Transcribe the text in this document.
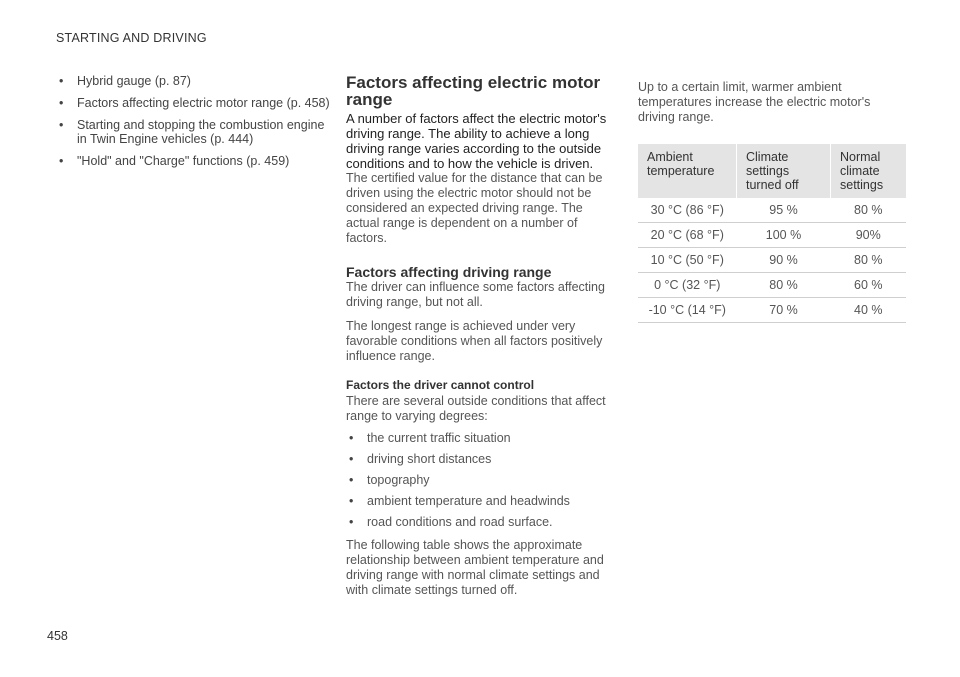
STARTING AND DRIVING
• Hybrid gauge (p. 87)
• Factors affecting electric motor range (p. 458)
• Starting and stopping the combustion engine in Twin Engine vehicles (p. 444)
• "Hold" and "Charge" functions (p. 459)
Factors affecting electric motor range

A number of factors affect the electric motor's driving range. The ability to achieve a long driving range varies according to the outside conditions and to how the vehicle is driven.

The certified value for the distance that can be driven using the electric motor should not be considered an expected driving range. The actual range is dependent on a number of factors.

Factors affecting driving range

The driver can influence some factors affecting driving range, but not all.

The longest range is achieved under very favorable conditions when all factors positively influence range.

Factors the driver cannot control

There are several outside conditions that affect range to varying degrees:

• the current traffic situation
• driving short distances
• topography
• ambient temperature and headwinds
• road conditions and road surface.

The following table shows the approximate relationship between ambient temperature and driving range with normal climate settings and with climate settings turned off.

Up to a certain limit, warmer ambient temperatures increase the electric motor's driving range.

Ambient temperature	Climate settings turned off	Normal climate settings
30 °C (86 °F)	95 %	80 %
20 °C (68 °F)	100 %	90%
10 °C (50 °F)	90 %	80 %
0 °C (32 °F)	80 %	60 %
-10 °C (14 °F)	70 %	40 %
458
